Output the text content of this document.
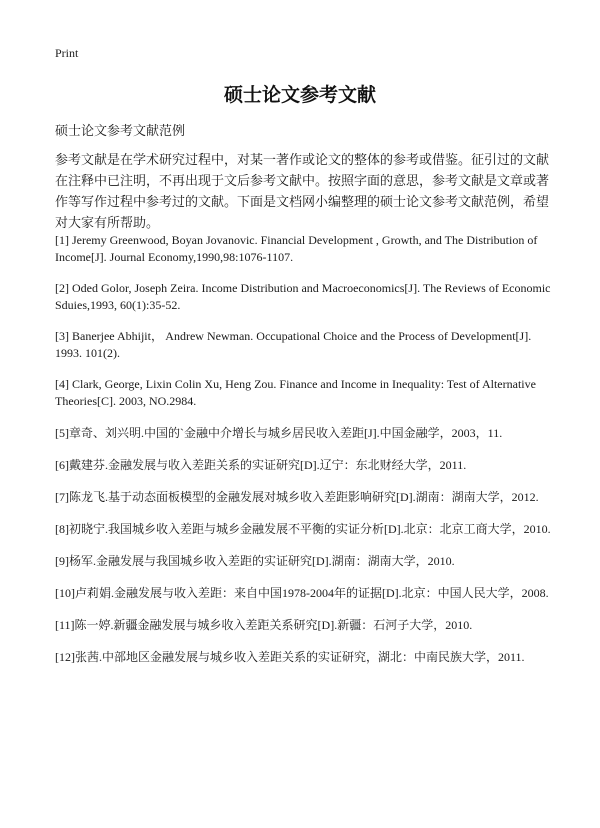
Print
硕士论文参考文献
硕士论文参考文献范例
参考文献是在学术研究过程中，对某一著作或论文的整体的参考或借鉴。征引过的文献在注释中已注明，不再出现于文后参考文献中。按照字面的意思，参考文献是文章或著作等写作过程中参考过的文献。下面是文档网小编整理的硕士论文参考文献范例，希望对大家有所帮助。
[1] Jeremy Greenwood, Boyan Jovanovic. Financial Development , Growth, and The Distribution of Income[J]. Journal Economy,1990,98:1076-1107.
[2] Oded Golor, Joseph Zeira. Income Distribution and Macroeconomics[J]. The Reviews of Economic Sduies,1993, 60(1):35-52.
[3] Banerjee Abhijit， Andrew Newman. Occupational Choice and the Process of Development[J]. 1993. 101(2).
[4] Clark, George, Lixin Colin Xu, Heng Zou. Finance and Income in Inequality: Test of Alternative Theories[C]. 2003, NO.2984.
[5]章奇、刘兴明.中国的`金融中介增长与城乡居民收入差距[J].中国金融学，2003，11.
[6]戴建芬.金融发展与收入差距关系的实证研究[D].辽宁：东北财经大学，2011.
[7]陈龙飞.基于动态面板模型的金融发展对城乡收入差距影响研究[D].湖南：湖南大学，2012.
[8]初晓宁.我国城乡收入差距与城乡金融发展不平衡的实证分析[D].北京：北京工商大学，2010.
[9]杨军.金融发展与我国城乡收入差距的实证研究[D].湖南：湖南大学，2010.
[10]卢莉娟.金融发展与收入差距：来自中国1978-2004年的证据[D].北京：中国人民大学，2008.
[11]陈一婷.新疆金融发展与城乡收入差距关系研究[D].新疆：石河子大学，2010.
[12]张茜.中部地区金融发展与城乡收入差距关系的实证研究，湖北：中南民族大学，2011.
